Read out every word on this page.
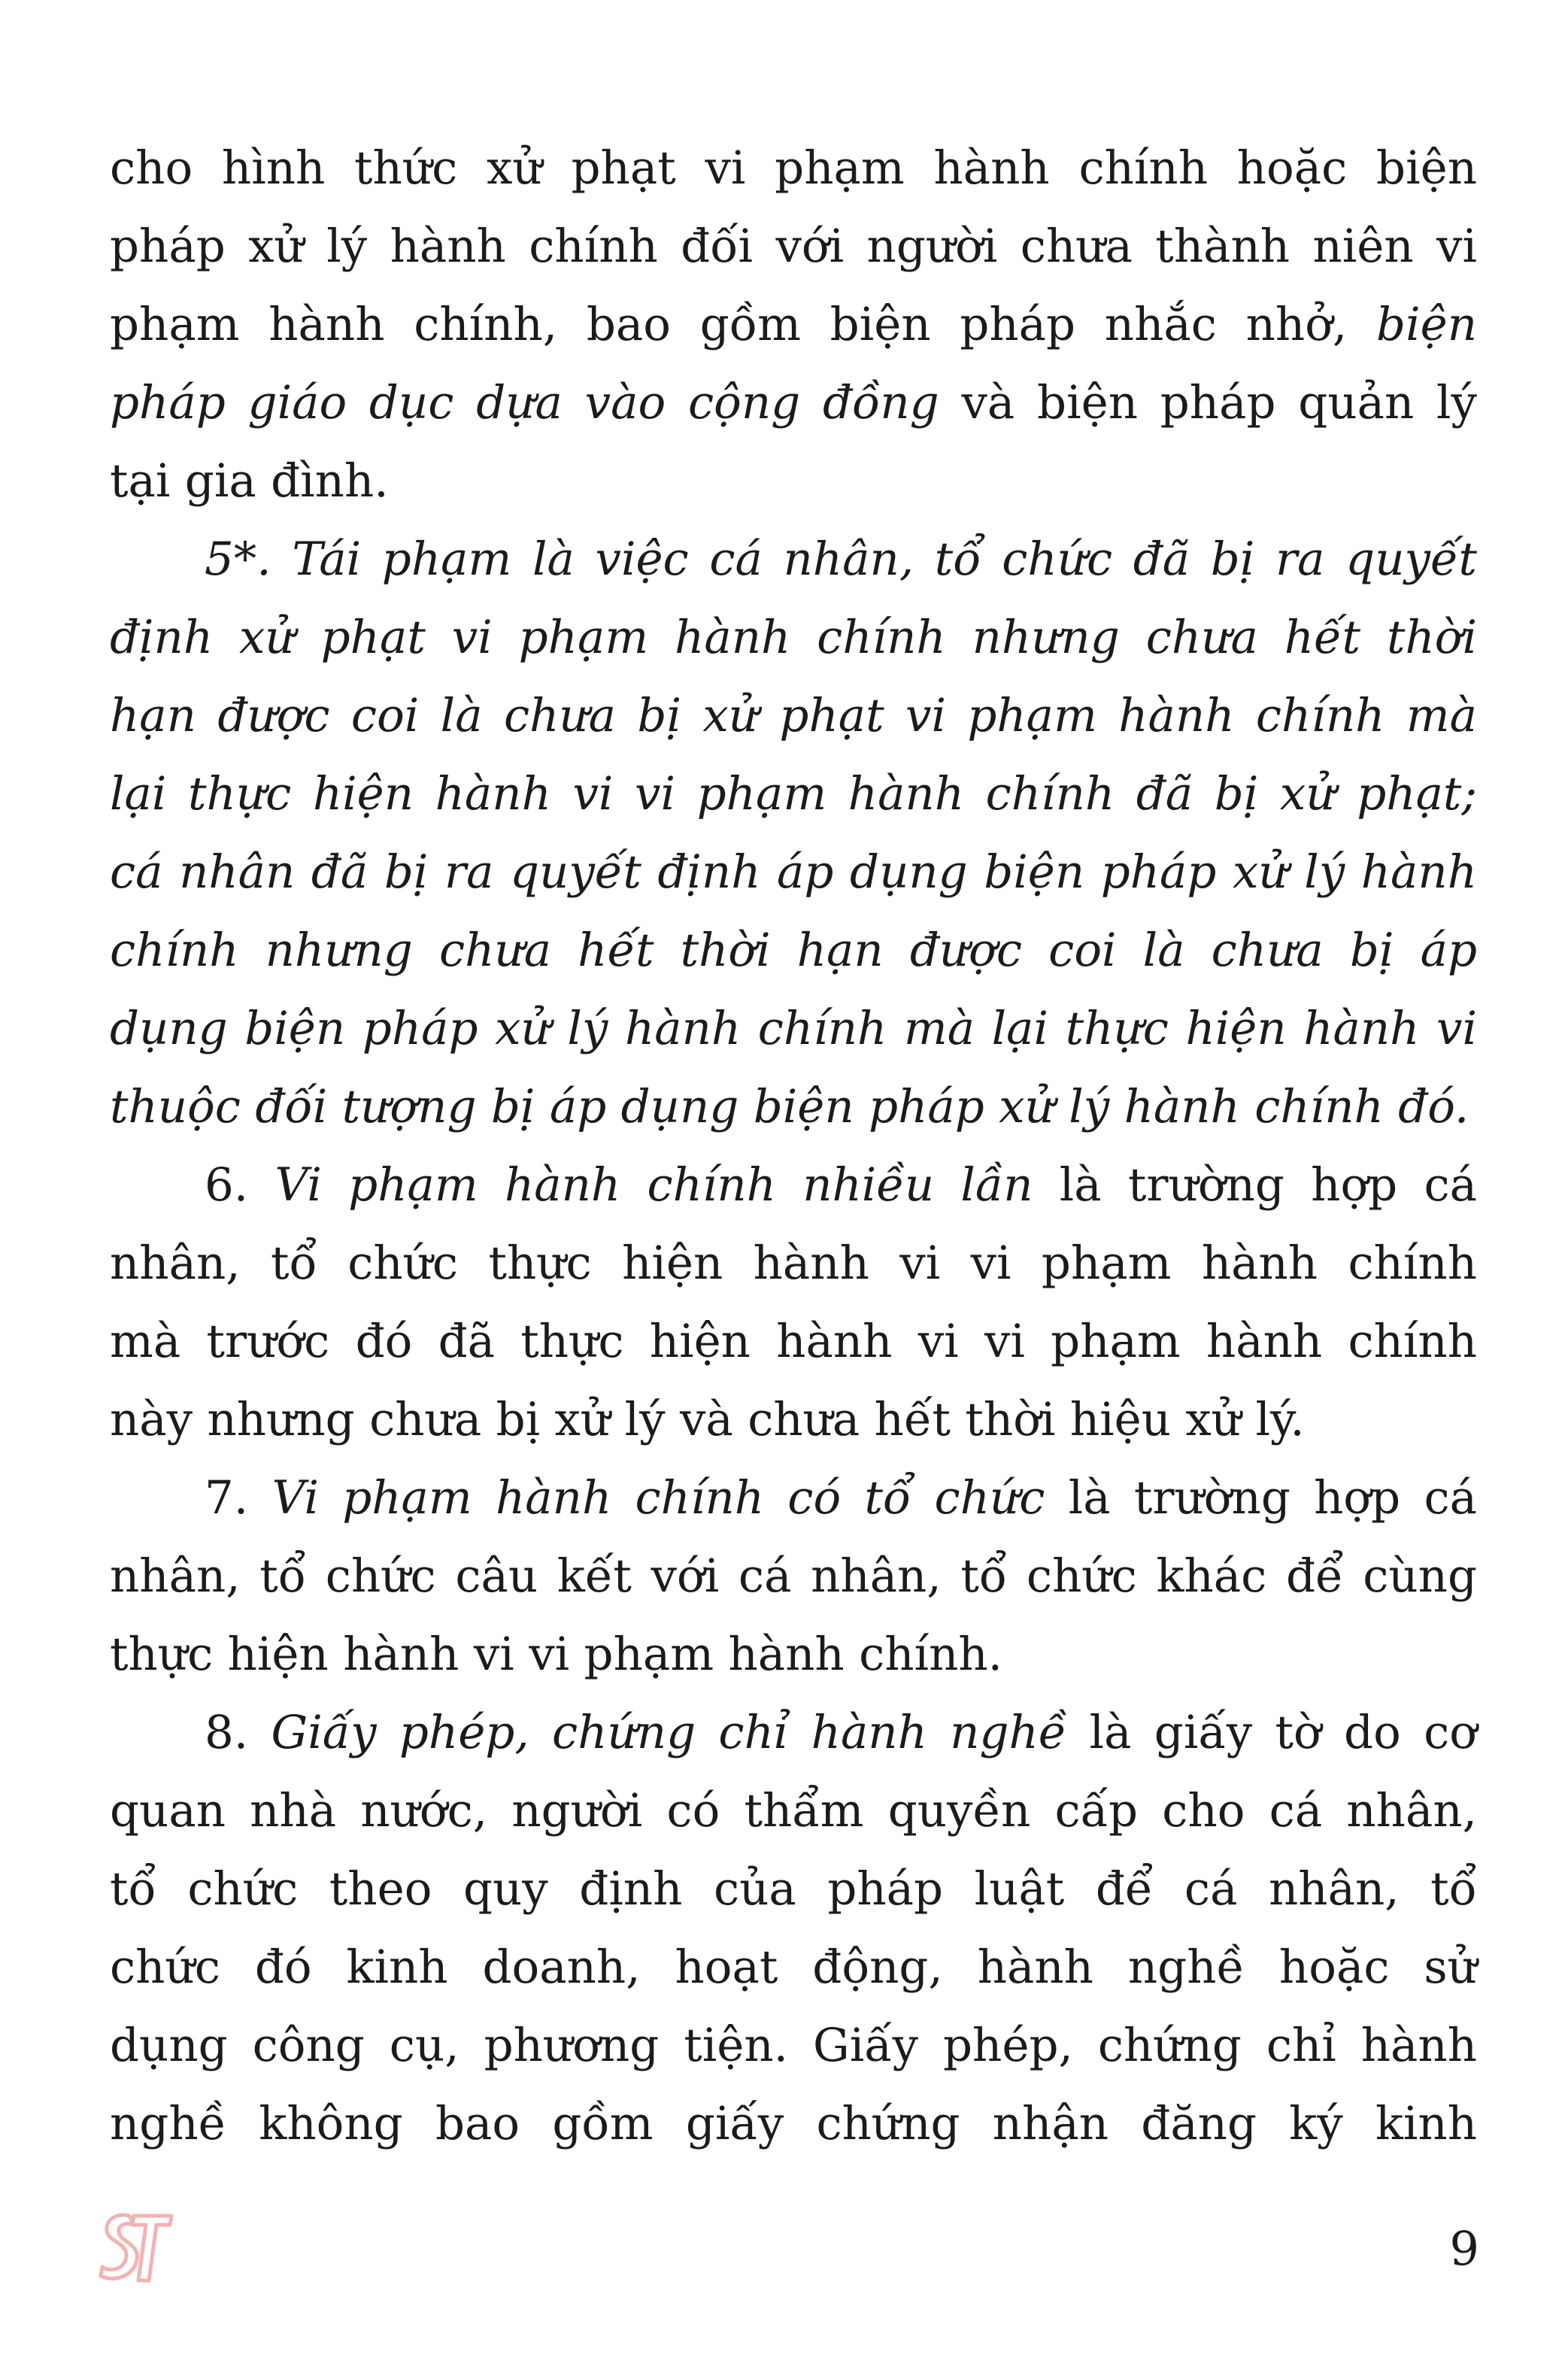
cho hình thức xử phạt vi phạm hành chính hoặc biện
pháp xử lý hành chính đối với người chưa thành niên vi
phạm hành chính, bao gồm biện pháp nhắc nhở, biện
pháp giáo dục dựa vào cộng đồng và biện pháp quản lý
tại gia đình.
5*. Tái phạm là việc cá nhân, tổ chức đã bị ra quyết
định xử phạt vi phạm hành chính nhưng chưa hết thời
hạn được coi là chưa bị xử phạt vi phạm hành chính mà
lại thực hiện hành vi vi phạm hành chính đã bị xử phạt;
cá nhân đã bị ra quyết định áp dụng biện pháp xử lý hành
chính nhưng chưa hết thời hạn được coi là chưa bị áp
dụng biện pháp xử lý hành chính mà lại thực hiện hành vi
thuộc đối tượng bị áp dụng biện pháp xử lý hành chính đó.
6. Vi phạm hành chính nhiều lần là trường hợp cá
nhân, tổ chức thực hiện hành vi vi phạm hành chính
mà trước đó đã thực hiện hành vi vi phạm hành chính
này nhưng chưa bị xử lý và chưa hết thời hiệu xử lý.
7. Vi phạm hành chính có tổ chức là trường hợp cá
nhân, tổ chức câu kết với cá nhân, tổ chức khác để cùng
thực hiện hành vi vi phạm hành chính.
8. Giấy phép, chứng chỉ hành nghề là giấy tờ do cơ
quan nhà nước, người có thẩm quyền cấp cho cá nhân,
tổ chức theo quy định của pháp luật để cá nhân, tổ
chức đó kinh doanh, hoạt động, hành nghề hoặc sử
dụng công cụ, phương tiện. Giấy phép, chứng chỉ hành
nghề không bao gồm giấy chứng nhận đăng ký kinh
9
